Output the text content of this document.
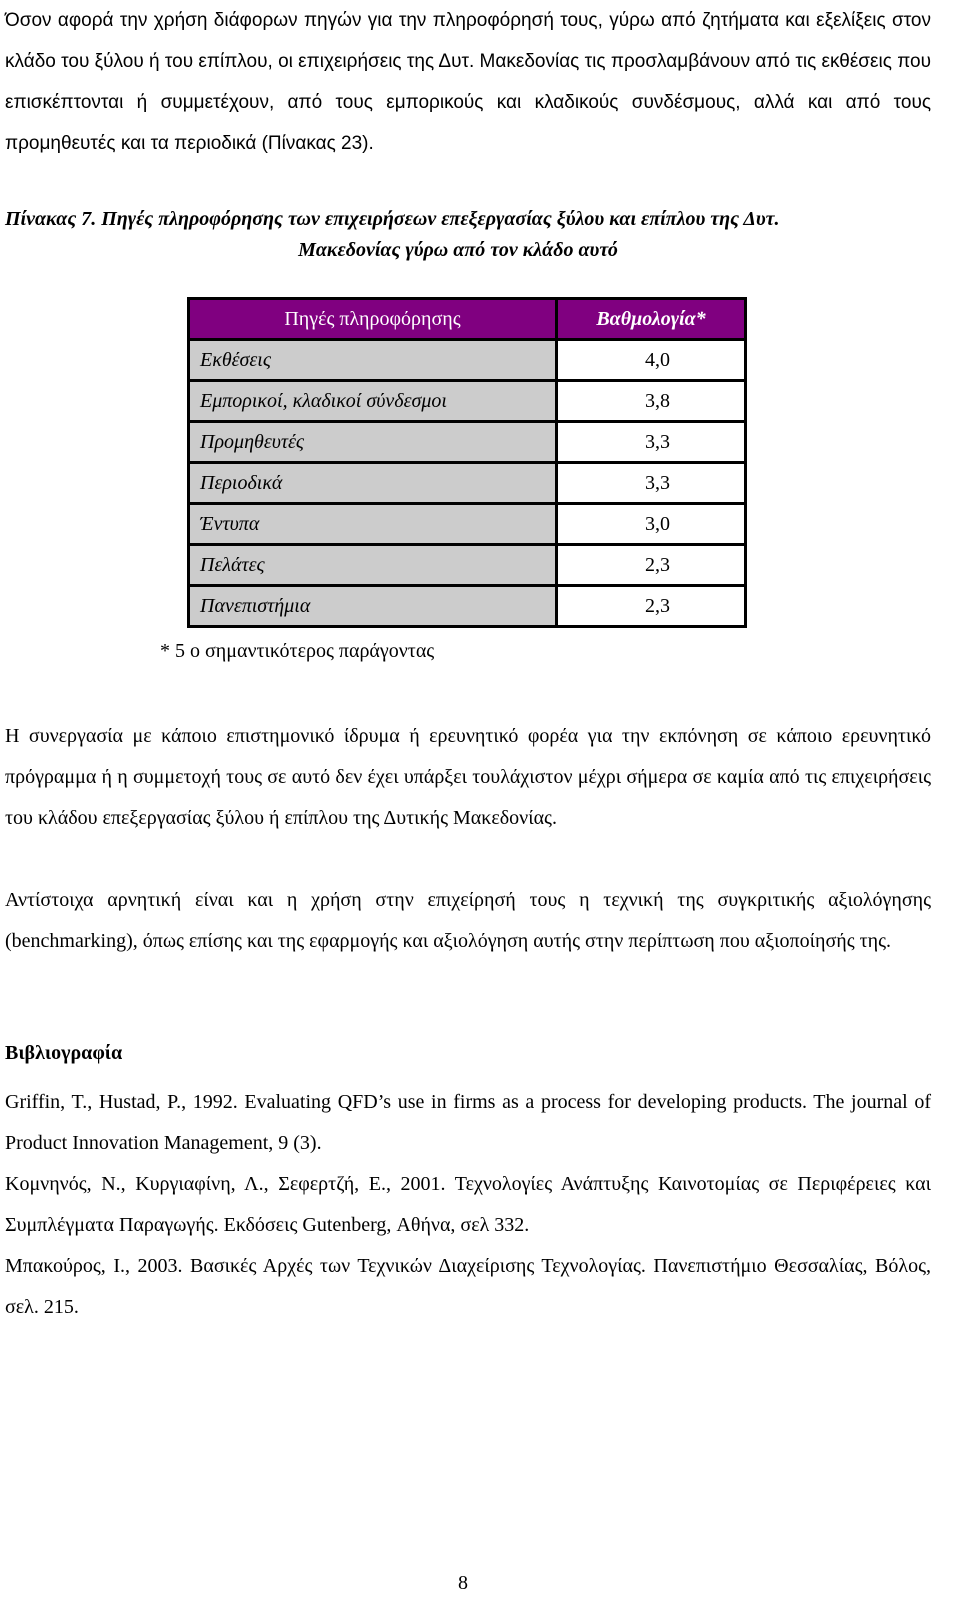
Όσον αφορά την χρήση διάφορων πηγών για την πληροφόρησή τους, γύρω από ζητήματα και εξελίξεις στον κλάδο του ξύλου ή του επίπλου, οι επιχειρήσεις της Δυτ. Μακεδονίας τις προσλαμβάνουν από τις εκθέσεις που επισκέπτονται ή συμμετέχουν, από τους εμπορικούς και κλαδικούς συνδέσμους, αλλά και από τους προμηθευτές και τα περιοδικά (Πίνακας 23).

Πίνακας 7. Πηγές πληροφόρησης των επιχειρήσεων επεξεργασίας ξύλου και επίπλου της Δυτ.
Μακεδονίας γύρω από τον κλάδο αυτό
Πηγές πληροφόρησης	Βαθμολογία*
Εκθέσεις	4,0
Εμπορικοί, κλαδικοί σύνδεσμοι	3,8
Προμηθευτές	3,3
Περιοδικά	3,3
Έντυπα	3,0
Πελάτες	2,3
Πανεπιστήμια	2,3
* 5 ο σημαντικότερος παράγοντας

Η συνεργασία με κάποιο επιστημονικό ίδρυμα ή ερευνητικό φορέα για την εκπόνηση σε κάποιο ερευνητικό πρόγραμμα ή η συμμετοχή τους σε αυτό δεν έχει υπάρξει τουλάχιστον μέχρι σήμερα σε καμία από τις επιχειρήσεις του κλάδου επεξεργασίας ξύλου ή επίπλου της Δυτικής Μακεδονίας.

Αντίστοιχα αρνητική είναι και η χρήση στην επιχείρησή τους η τεχνική της συγκριτικής αξιολόγησης (benchmarking), όπως επίσης και της εφαρμογής και αξιολόγηση αυτής στην περίπτωση που αξιοποίησής της.

Βιβλιογραφία

Griffin, T., Hustad, P., 1992. Evaluating QFD’s use in firms as a process for developing products. The journal of Product Innovation Management, 9 (3).

Κομνηνός, Ν., Κυργιαφίνη, Λ., Σεφερτζή, Ε., 2001. Τεχνολογίες Ανάπτυξης Καινοτομίας σε Περιφέρειες και Συμπλέγματα Παραγωγής. Εκδόσεις Gutenberg, Αθήνα, σελ 332.

Μπακούρος, Ι., 2003. Βασικές Αρχές των Τεχνικών Διαχείρισης Τεχνολογίας. Πανεπιστήμιο Θεσσαλίας, Βόλος, σελ. 215.

8
